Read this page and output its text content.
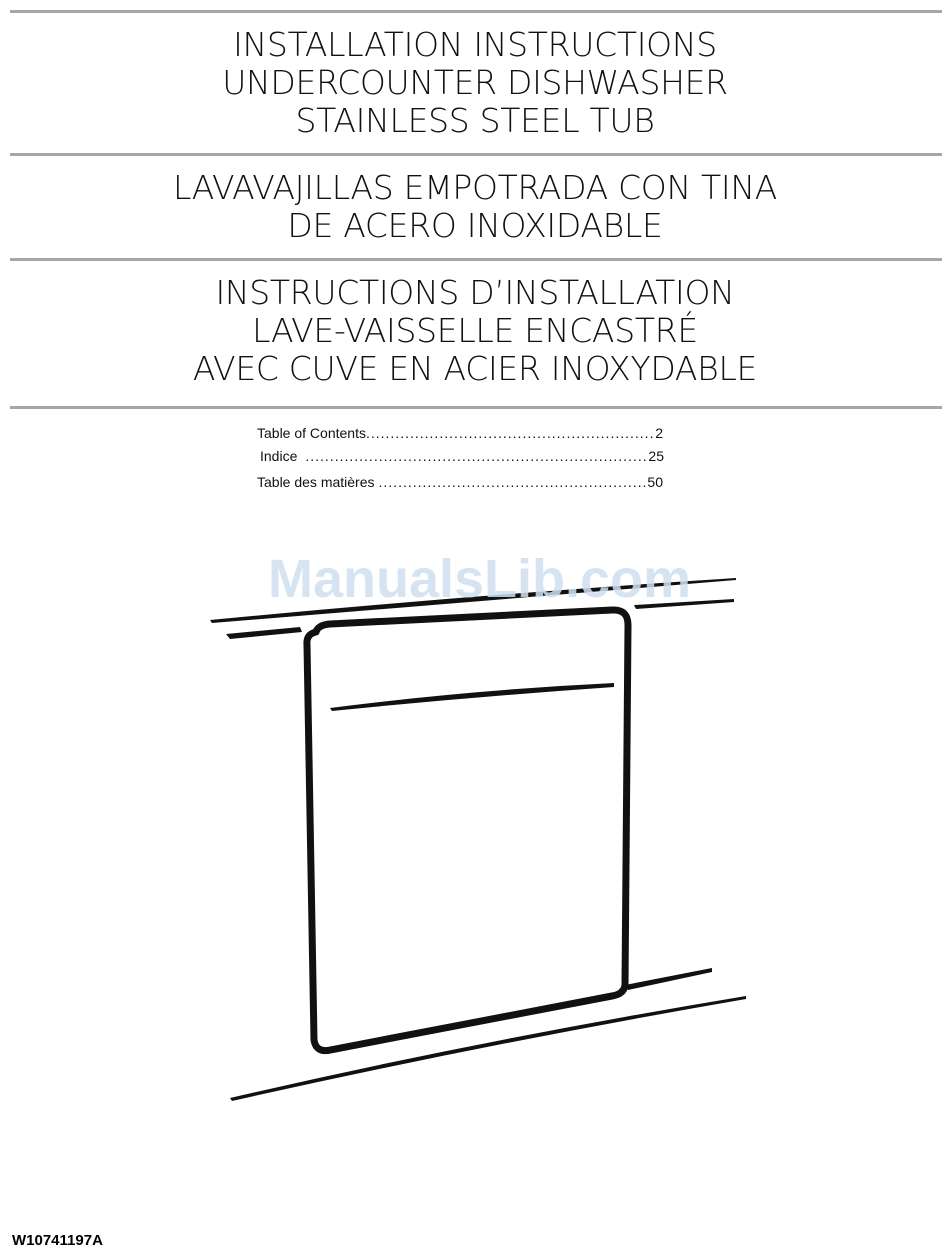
INSTALLATION INSTRUCTIONS
UNDERCOUNTER DISHWASHER
STAINLESS STEEL TUB
LAVAVAJILLAS EMPOTRADA CON TINA
DE ACERO INOXIDABLE
INSTRUCTIONS D’INSTALLATION
LAVE-VAISSELLE ENCASTRÉ
AVEC CUVE EN ACIER INOXYDABLE
Table of Contents .....	2
Indice .....	25
Table des matières .....	50
ManualsLib.com
W10741197A
